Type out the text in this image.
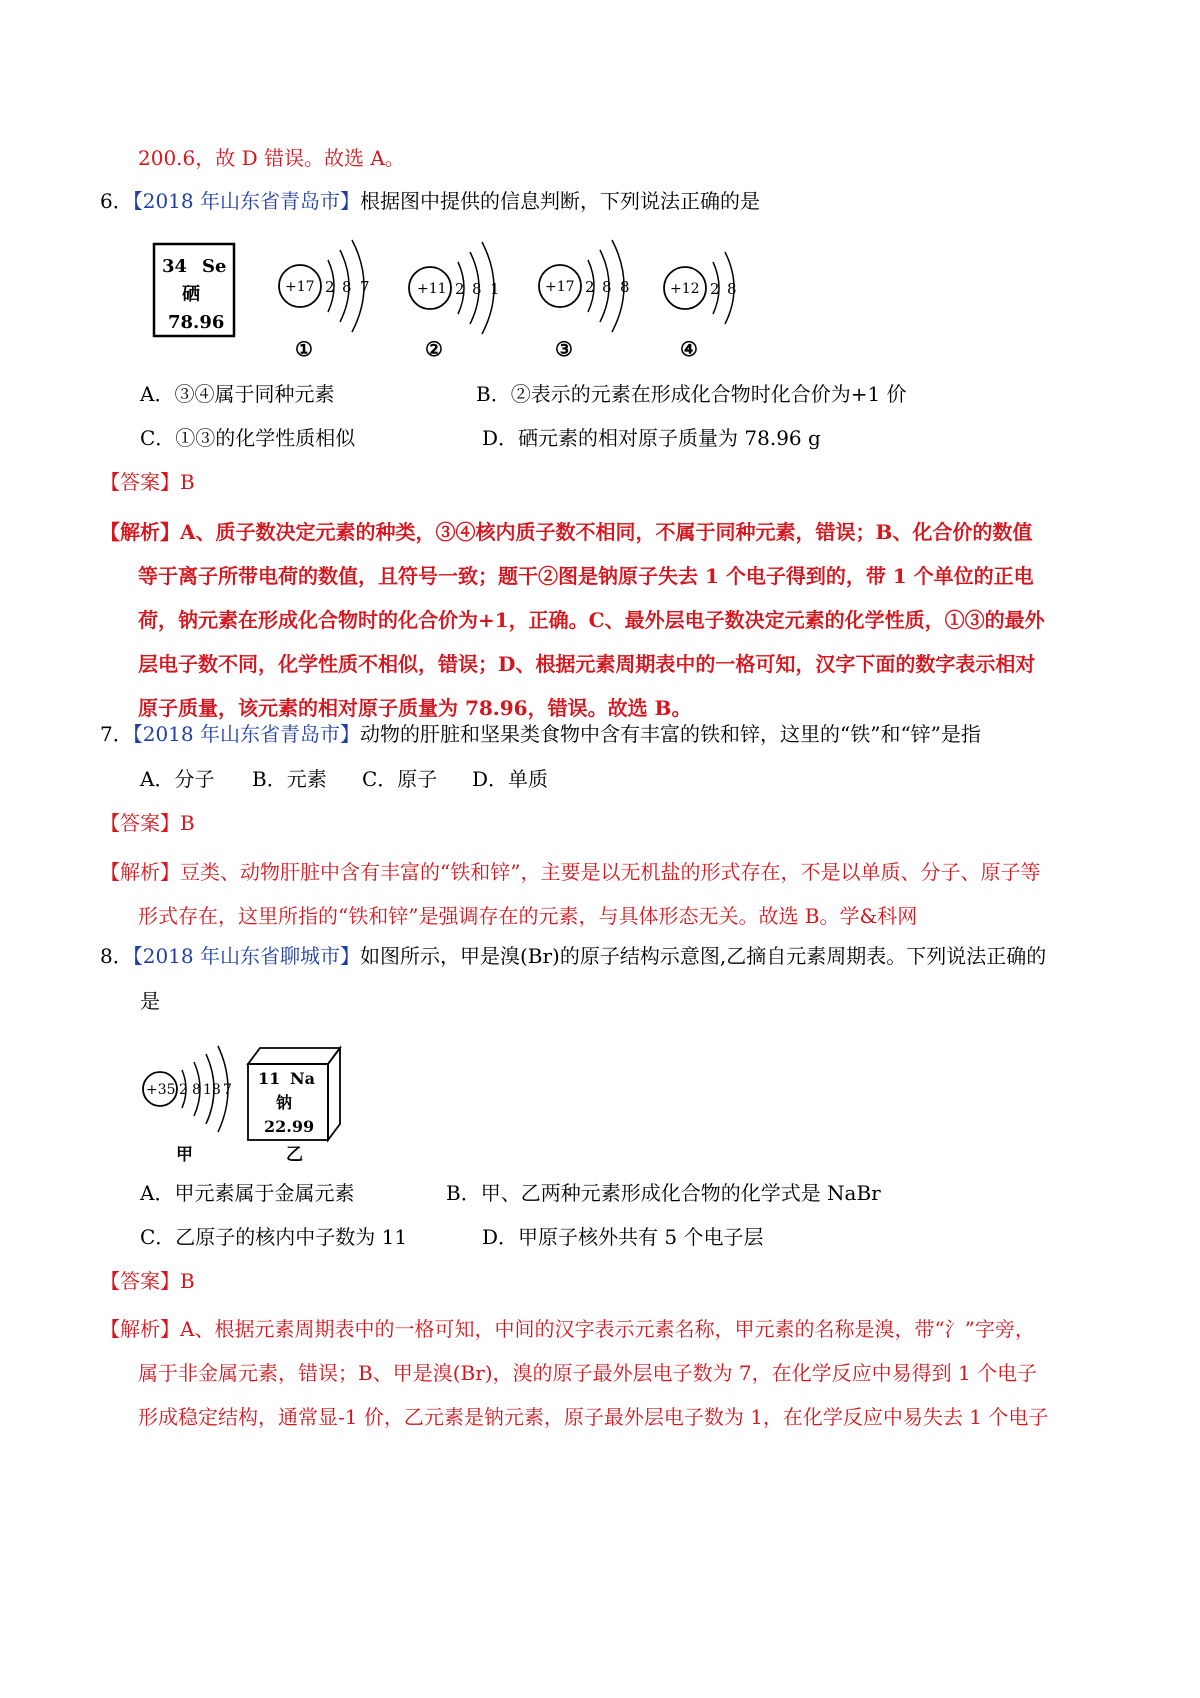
200.6，故 D 错误。故选 A。
6．【2018 年山东省青岛市】根据图中提供的信息判断，下列说法正确的是
34 Se
硒
78.96
+17 2 8 7
①
+11 2 8 1
②
+17 2 8 8
③
+12 2 8
④
A．③④属于同种元素	B．②表示的元素在形成化合物时化合价为+1 价
C．①③的化学性质相似	D．硒元素的相对原子质量为 78.96 g
【答案】B
【解析】A、质子数决定元素的种类，③④核内质子数不相同，不属于同种元素，错误；B、化合价的数值
等于离子所带电荷的数值，且符号一致；题干②图是钠原子失去 1 个电子得到的，带 1 个单位的正电
荷，钠元素在形成化合物时的化合价为+1，正确。C、最外层电子数决定元素的化学性质，①③的最外
层电子数不同，化学性质不相似，错误；D、根据元素周期表中的一格可知，汉字下面的数字表示相对
原子质量，该元素的相对原子质量为 78.96，错误。故选 B。
7．【2018 年山东省青岛市】动物的肝脏和坚果类食物中含有丰富的铁和锌，这里的“铁”和“锌”是指
A．分子 B．元素 C．原子 D．单质
【答案】B
【解析】豆类、动物肝脏中含有丰富的“铁和锌”，主要是以无机盐的形式存在，不是以单质、分子、原子等
形式存在，这里所指的“铁和锌”是强调存在的元素，与具体形态无关。故选 B。学&科网
8．【2018 年山东省聊城市】如图所示，甲是溴(Br)的原子结构示意图,乙摘自元素周期表。下列说法正确的
是
+35 2 8 18 7
甲
11 Na
钠
22.99
乙
A．甲元素属于金属元素	B．甲、乙两种元素形成化合物的化学式是 NaBr
C．乙原子的核内中子数为 11	D．甲原子核外共有 5 个电子层
【答案】B
【解析】A、根据元素周期表中的一格可知，中间的汉字表示元素名称，甲元素的名称是溴，带“氵”字旁，
属于非金属元素，错误；B、甲是溴(Br)，溴的原子最外层电子数为 7，在化学反应中易得到 1 个电子
形成稳定结构，通常显-1 价，乙元素是钠元素，原子最外层电子数为 1，在化学反应中易失去 1 个电子
